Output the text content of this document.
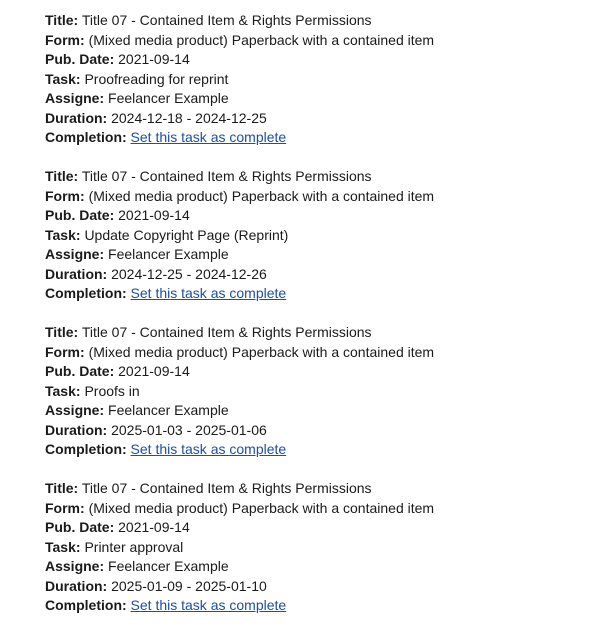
Title: Title 07 - Contained Item & Rights Permissions
Form: (Mixed media product) Paperback with a contained item
Pub. Date: 2021-09-14
Task: Proofreading for reprint
Assigne: Feelancer Example
Duration: 2024-12-18 - 2024-12-25
Completion: Set this task as complete
Title: Title 07 - Contained Item & Rights Permissions
Form: (Mixed media product) Paperback with a contained item
Pub. Date: 2021-09-14
Task: Update Copyright Page (Reprint)
Assigne: Feelancer Example
Duration: 2024-12-25 - 2024-12-26
Completion: Set this task as complete
Title: Title 07 - Contained Item & Rights Permissions
Form: (Mixed media product) Paperback with a contained item
Pub. Date: 2021-09-14
Task: Proofs in
Assigne: Feelancer Example
Duration: 2025-01-03 - 2025-01-06
Completion: Set this task as complete
Title: Title 07 - Contained Item & Rights Permissions
Form: (Mixed media product) Paperback with a contained item
Pub. Date: 2021-09-14
Task: Printer approval
Assigne: Feelancer Example
Duration: 2025-01-09 - 2025-01-10
Completion: Set this task as complete
